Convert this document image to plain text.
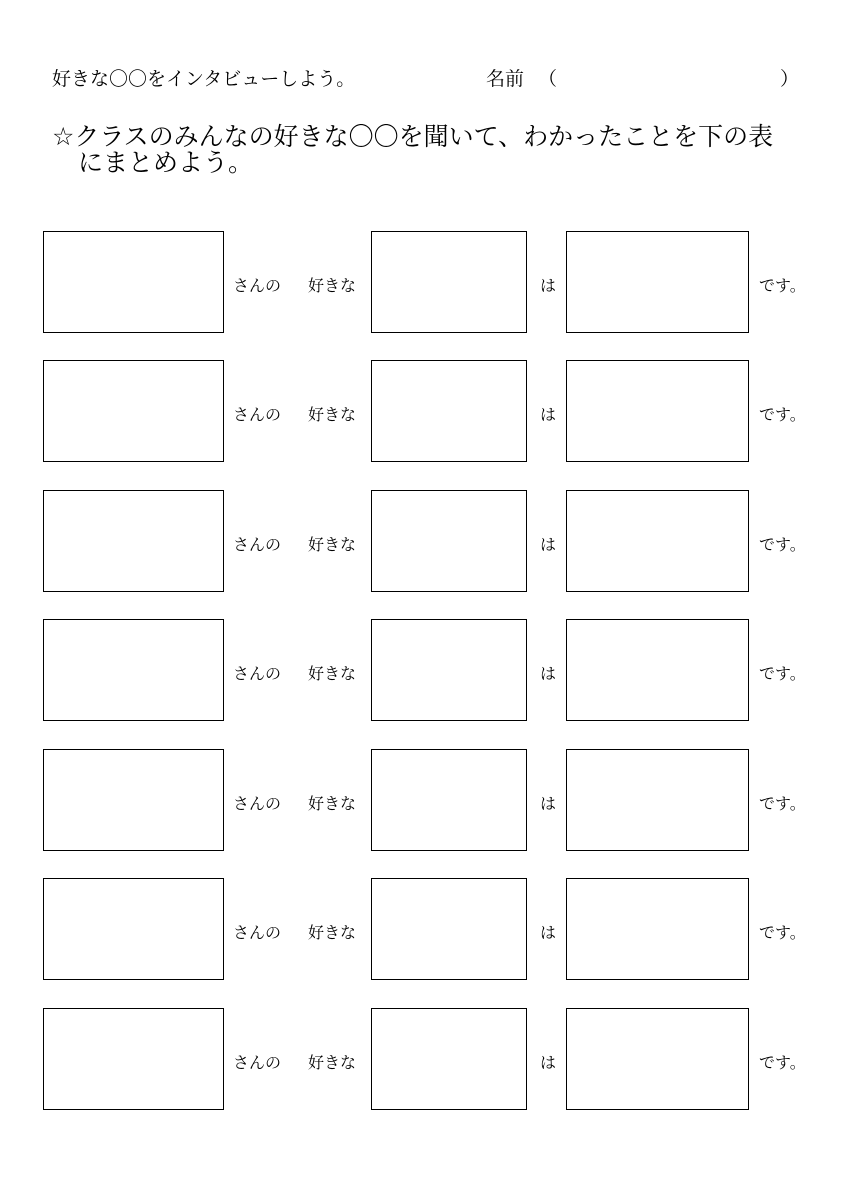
好きな〇〇をインタビューしよう。	名前 （	）
☆クラスのみんなの好きな〇〇を聞いて、わかったことを下の表
にまとめよう。
さんの 好きな	は	です。
さんの 好きな	は	です。
さんの 好きな	は	です。
さんの 好きな	は	です。
さんの 好きな	は	です。
さんの 好きな	は	です。
さんの 好きな	は	です。
